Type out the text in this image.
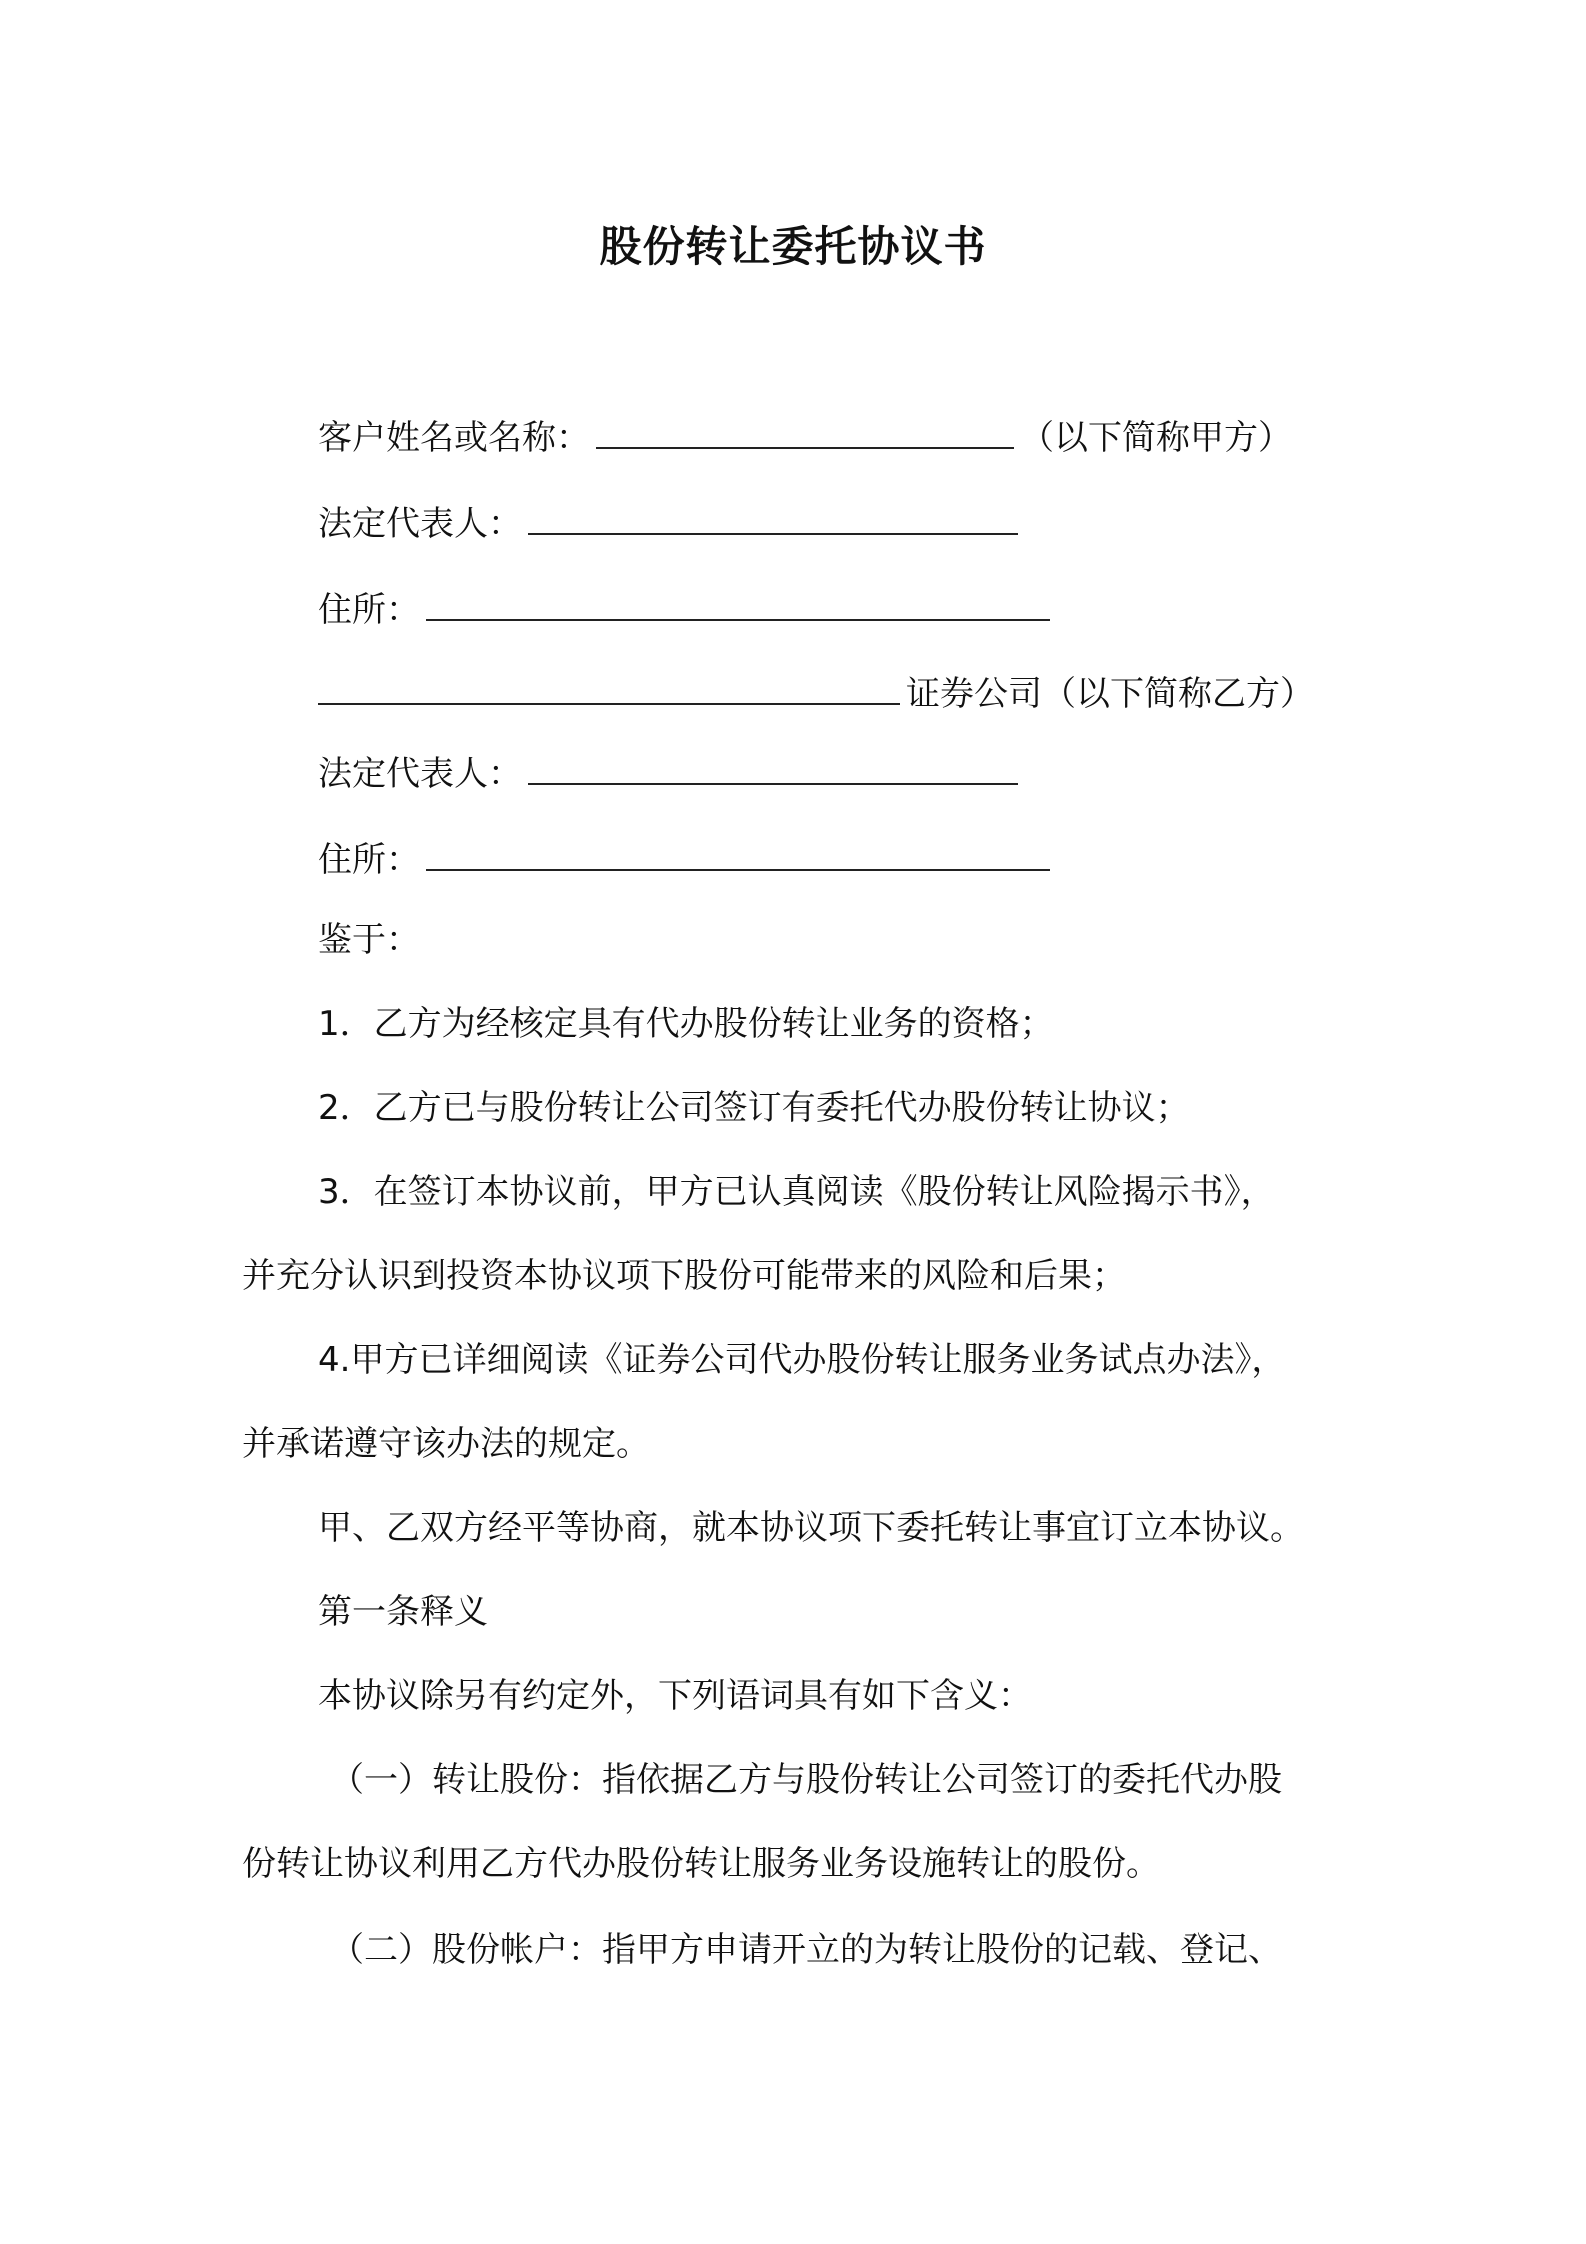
股份转让委托协议书
客户姓名或名称：	（以下简称甲方）
法定代表人：
住所：
证券公司（以下简称乙方）
法定代表人：
住所：
鉴于：
1．乙方为经核定具有代办股份转让业务的资格；
2．乙方已与股份转让公司签订有委托代办股份转让协议；
3．在签订本协议前，甲方已认真阅读《股份转让风险揭示书》，
并充分认识到投资本协议项下股份可能带来的风险和后果；
4.甲方已详细阅读《证券公司代办股份转让服务业务试点办法》，
并承诺遵守该办法的规定。
甲、乙双方经平等协商，就本协议项下委托转让事宜订立本协议。
第一条释义
本协议除另有约定外，下列语词具有如下含义：
（一）转让股份：指依据乙方与股份转让公司签订的委托代办股
份转让协议利用乙方代办股份转让服务业务设施转让的股份。
（二）股份帐户：指甲方申请开立的为转让股份的记载、登记、
